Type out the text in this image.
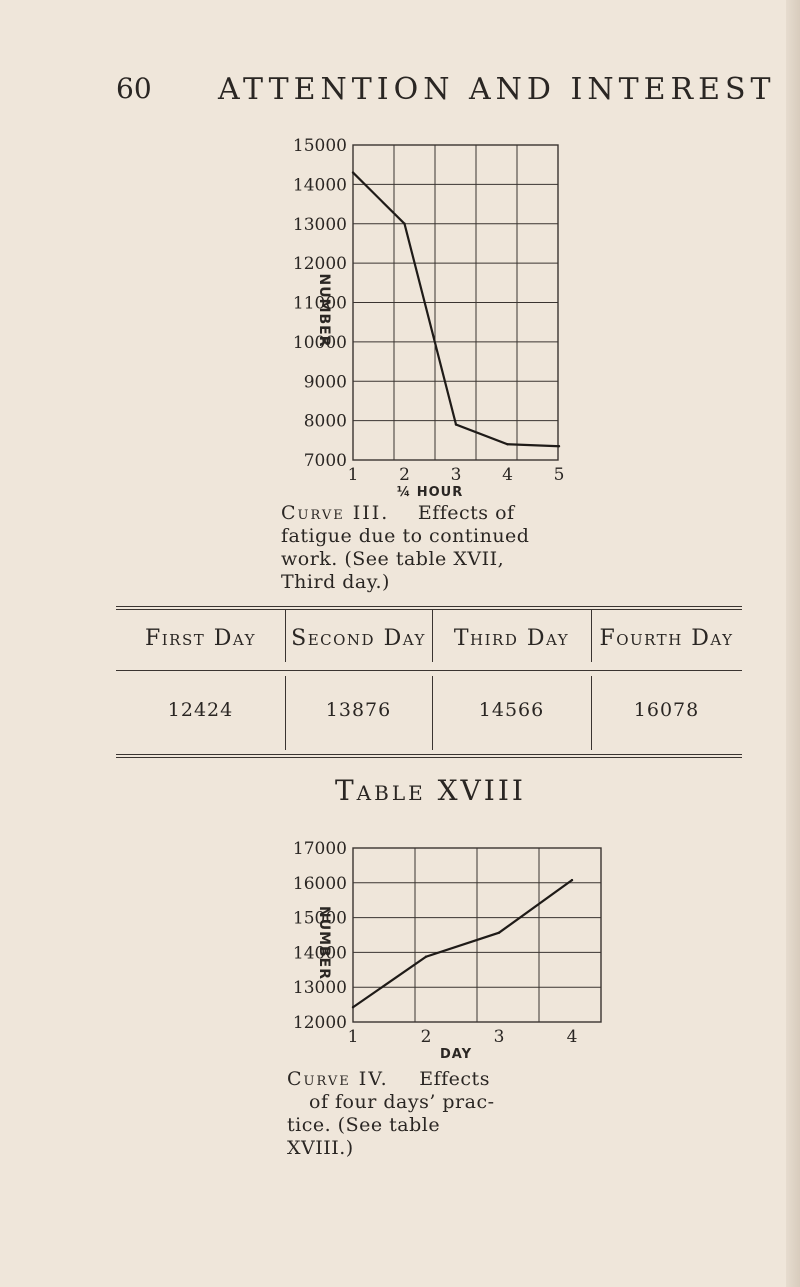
60 ATTENTION AND INTEREST
15000
14000
13000
12000
11000
10000
9000
8000
7000
1 2 3 4 5
NUMBER
¼ HOUR
Curve III. Effects of
fatigue due to continued
work. (See table XVII,
Third day.)
First Day	Second Day	Third Day	Fourth Day
12424	13876	14566	16078
Table XVIII
17000
16000
15000
14000
13000
12000
1	2	3	4
NUMBER
DAY
Curve IV. Effects
of four days’ prac-
tice. (See table
XVIII.)
